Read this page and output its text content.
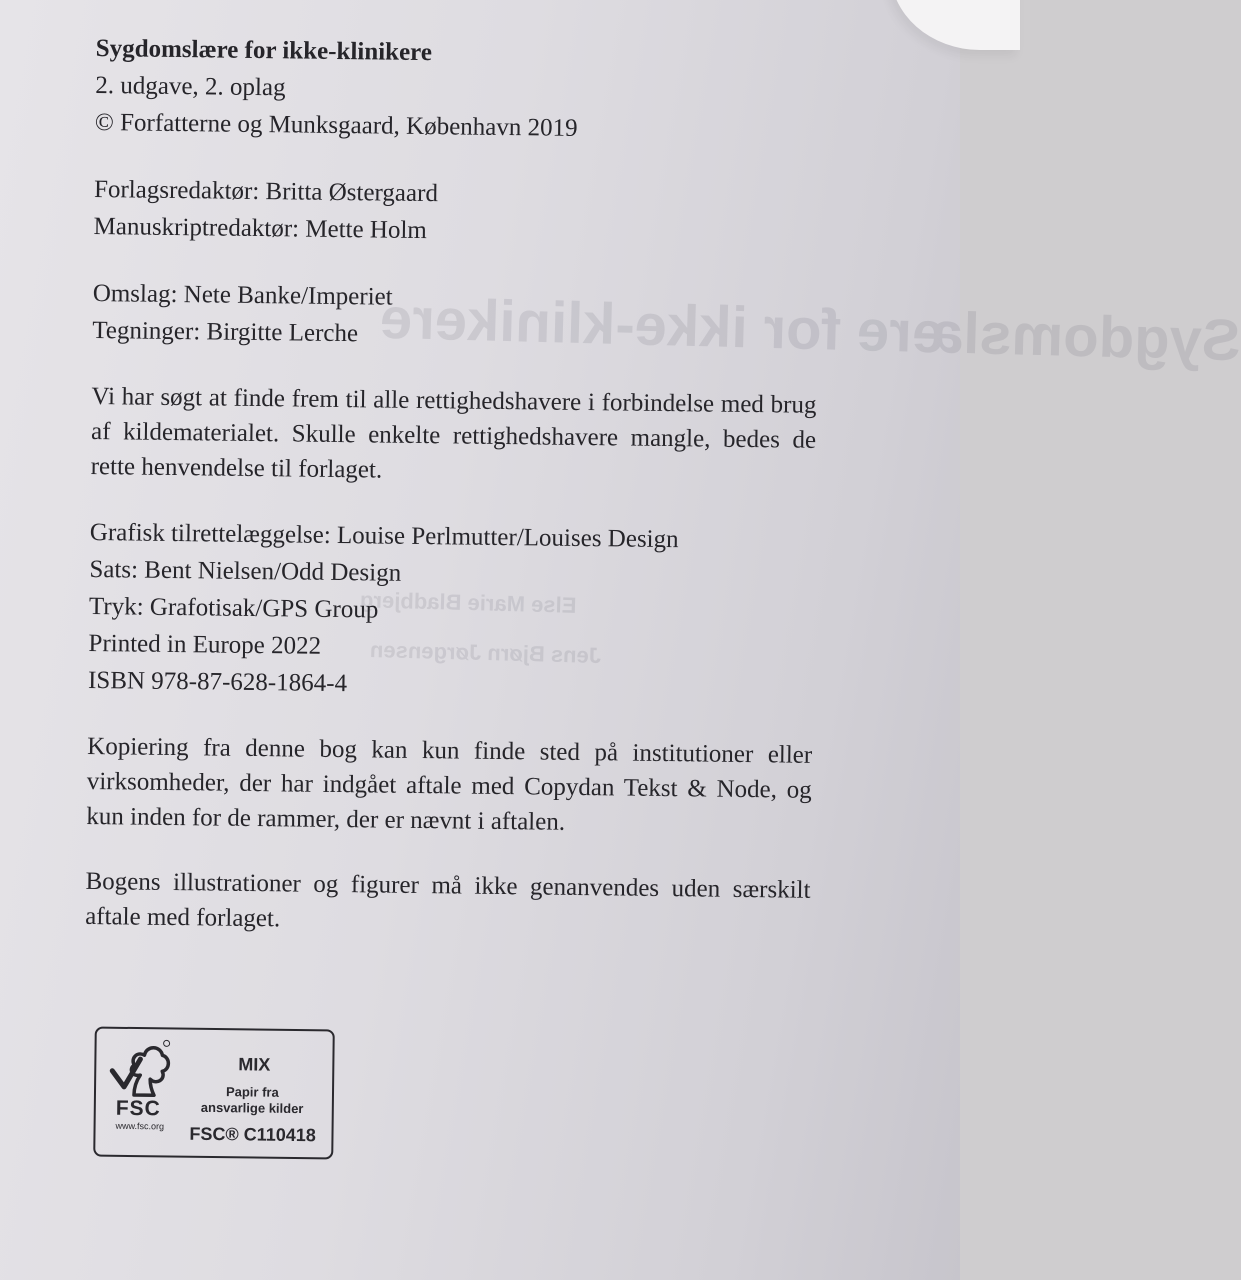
Sygdomslære for ikke-klinikere
Else Marie Bladbjerg
Jens Bjørn Jørgensen
Sygdomslære for ikke-klinikere
2. udgave, 2. oplag
© Forfatterne og Munksgaard, København 2019
Forlagsredaktør: Britta Østergaard
Manuskriptredaktør: Mette Holm
Omslag: Nete Banke/Imperiet
Tegninger: Birgitte Lerche
Vi har søgt at finde frem til alle rettighedshavere i forbindelse med brug af kildematerialet. Skulle enkelte rettighedshavere mangle, bedes de rette henvendelse til forlaget.
Grafisk tilrettelæggelse: Louise Perlmutter/Louises Design
Sats: Bent Nielsen/Odd Design
Tryk: Grafotisak/GPS Group
Printed in Europe 2022
ISBN 978-87-628-1864-4
Kopiering fra denne bog kan kun finde sted på institutioner eller virksomheder, der har indgået aftale med Copydan Tekst & Node, og kun inden for de rammer, der er nævnt i aftalen.
Bogens illustrationer og figurer må ikke genanvendes uden særskilt aftale med forlaget.
FSC
www.fsc.org
MIX
Papir fra
ansvarlige kilder
FSC® C110418
